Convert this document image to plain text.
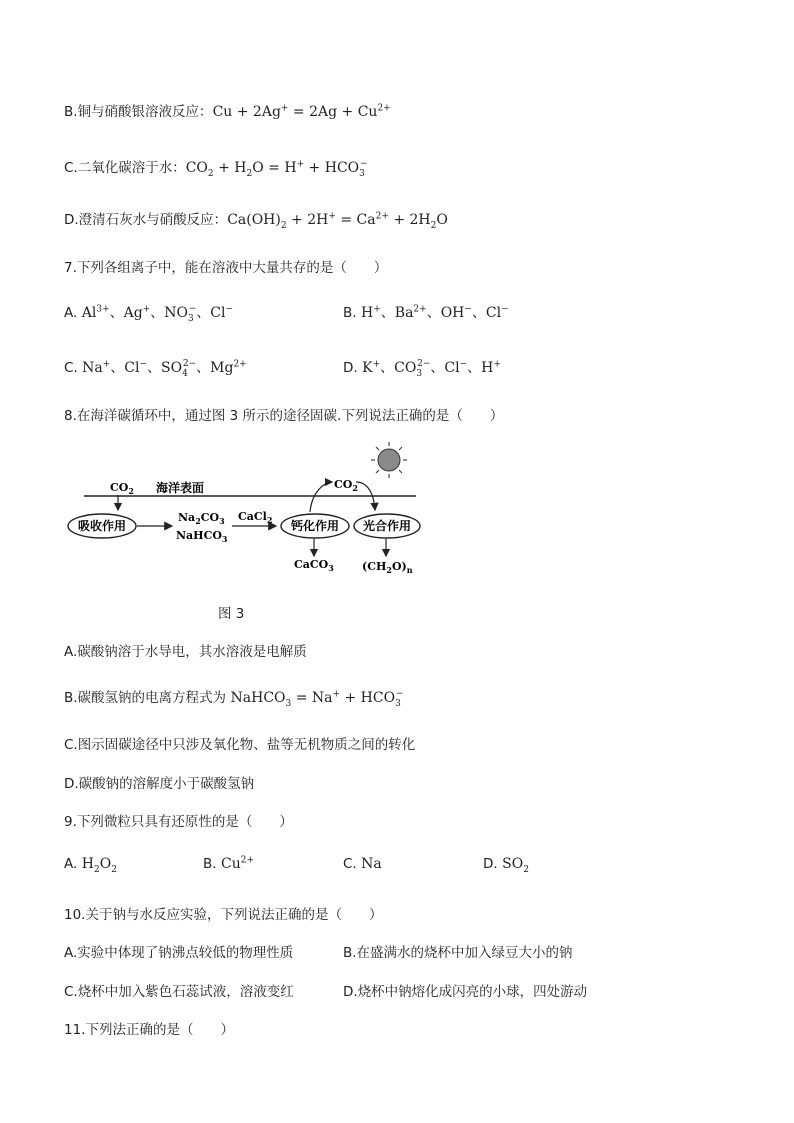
B.铜与硝酸银溶液反应：$Cu + 2Ag^+ = 2Ag + Cu^{2+}$
C.二氧化碳溶于水：$CO_2 + H_2O = H^+ + HCO_3^-$
D.澄清石灰水与硝酸反应：$Ca(OH)_2 + 2H^+ = Ca^{2+} + 2H_2O$
7.下列各组离子中，能在溶液中大量共存的是（　　）
A. $Al^{3+}$、Ag+、$NO_3^-$、Cl−	B. H+、$Ba^{2+}$、OH−、Cl−
C. Na+、Cl−、$SO_4^{2-}$、$Mg^{2+}$	D. K+、$CO_3^{2-}$、Cl−、H+
8.在海洋碳循环中，通过图 3 所示的途径固碳.下列说法正确的是（　　）
海洋表面
$CO_2$
吸收作用
$Na_2CO_3$
NaHCO$_3$
CaCl$_2$ 钙化作用 光合作用
$CO_2$
CaCO$_3$	$(CH_2O)_n$
图 3
A.碳酸钠溶于水导电，其水溶液是电解质
B.碳酸氢钠的电离方程式为 NaHCO$_3$ = $Na^+ + HCO_3^-$
C.图示固碳途径中只涉及氧化物、盐等无机物质之间的转化
D.碳酸钠的溶解度小于碳酸氢钠
9.下列微粒只具有还原性的是（　　）
A. $H_2O_2$	B. $Cu^{2+}$	C. Na	D. $SO_2$
10.关于钠与水反应实验，下列说法正确的是（　　）
A.实验中体现了钠沸点较低的物理性质	B.在盛满水的烧杯中加入绿豆大小的钠
C.烧杯中加入紫色石蕊试液，溶液变红	D.烧杯中钠熔化成闪亮的小球，四处游动
11.下列法正确的是（　　）
